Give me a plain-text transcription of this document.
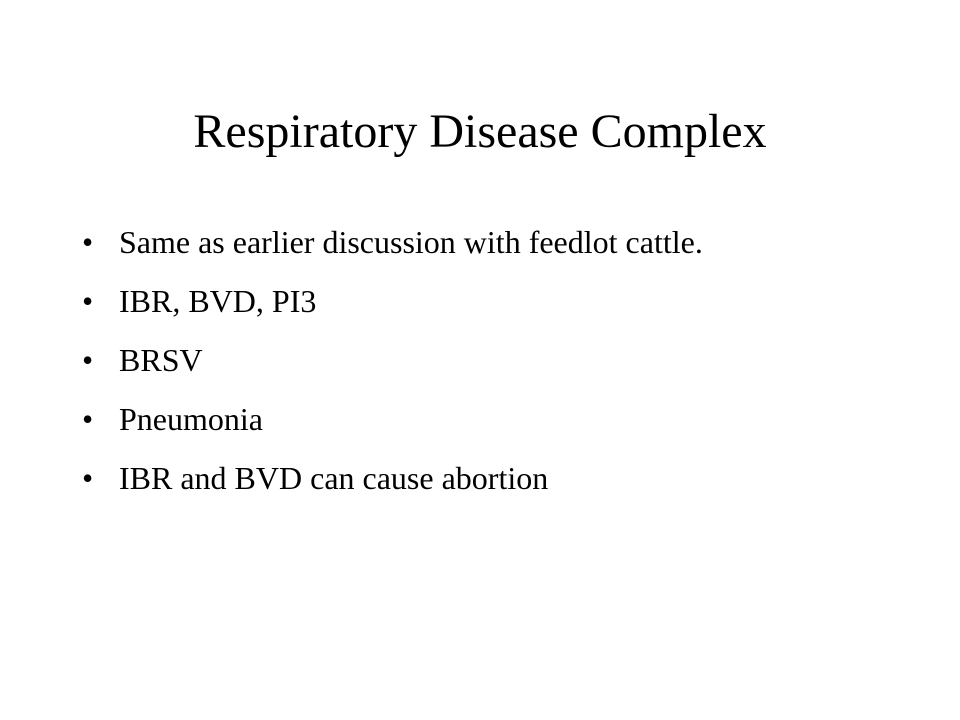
Respiratory Disease Complex
• Same as earlier discussion with feedlot cattle.
• IBR, BVD, PI3
• BRSV
• Pneumonia
• IBR and BVD can cause abortion
